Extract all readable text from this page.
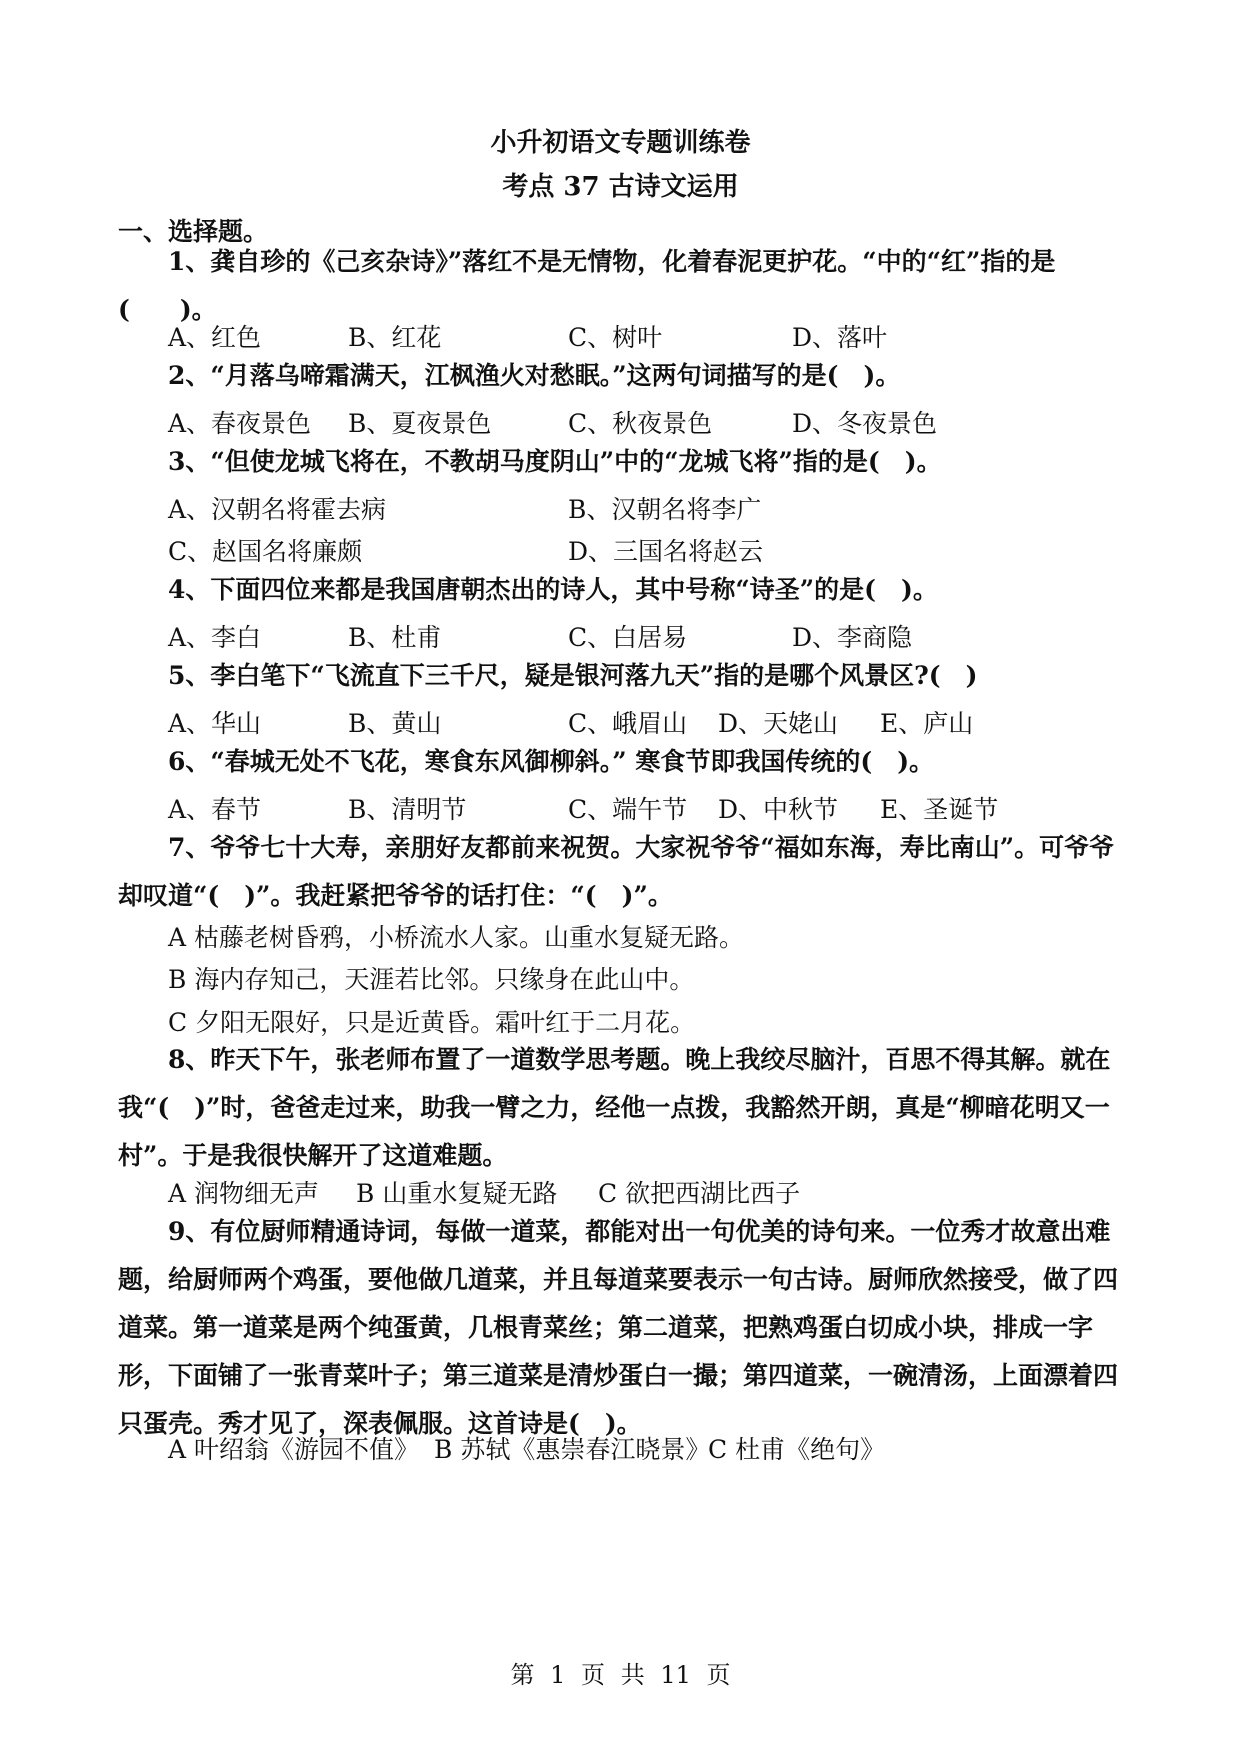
小升初语文专题训练卷
考点 37 古诗文运用
一、选择题。
1、龚自珍的《己亥杂诗》”落红不是无情物，化着春泥更护花。“中的“红”指的是(　　)。
A、红色	B、红花	C、树叶	D、落叶
2、“月落乌啼霜满天，江枫渔火对愁眠。”这两句词描写的是(　)。
A、春夜景色 B、夏夜景色	C、秋夜景色	D、冬夜景色
3、“但使龙城飞将在，不教胡马度阴山”中的“龙城飞将”指的是(　)。
A、汉朝名将霍去病	B、汉朝名将李广
C、赵国名将廉颇	D、三国名将赵云
4、下面四位来都是我国唐朝杰出的诗人，其中号称“诗圣”的是(　)。
A、李白	B、杜甫	C、白居易	D、李商隐
5、李白笔下“飞流直下三千尺，疑是银河落九天”指的是哪个风景区?(　)
A、华山	B、黄山	C、峨眉山 D、天姥山 E、庐山
6、“春城无处不飞花，寒食东风御柳斜。” 寒食节即我国传统的(　)。
A、春节	B、清明节	C、端午节 D、中秋节 E、圣诞节
7、爷爷七十大寿，亲朋好友都前来祝贺。大家祝爷爷“福如东海，寿比南山”。可爷爷却叹道“(　)”。我赶紧把爷爷的话打住：“(　)”。
A 枯藤老树昏鸦，小桥流水人家。山重水复疑无路。
B 海内存知己，天涯若比邻。只缘身在此山中。
C 夕阳无限好，只是近黄昏。霜叶红于二月花。
8、昨天下午，张老师布置了一道数学思考题。晚上我绞尽脑汁，百思不得其解。就在我“(　)”时，爸爸走过来，助我一臂之力，经他一点拨，我豁然开朗，真是“柳暗花明又一村”。于是我很快解开了这道难题。
A 润物细无声 B 山重水复疑无路 C 欲把西湖比西子
9、有位厨师精通诗词，每做一道菜，都能对出一句优美的诗句来。一位秀才故意出难题，给厨师两个鸡蛋，要他做几道菜，并且每道菜要表示一句古诗。厨师欣然接受，做了四道菜。第一道菜是两个纯蛋黄，几根青菜丝；第二道菜，把熟鸡蛋白切成小块，排成一字形，下面铺了一张青菜叶子；第三道菜是清炒蛋白一撮；第四道菜，一碗清汤，上面漂着四只蛋壳。秀才见了，深表佩服。这首诗是(　)。
A 叶绍翁《游园不值》 B 苏轼《惠崇春江晓景》
C 杜甫《绝句》
第 1 页 共 11 页
